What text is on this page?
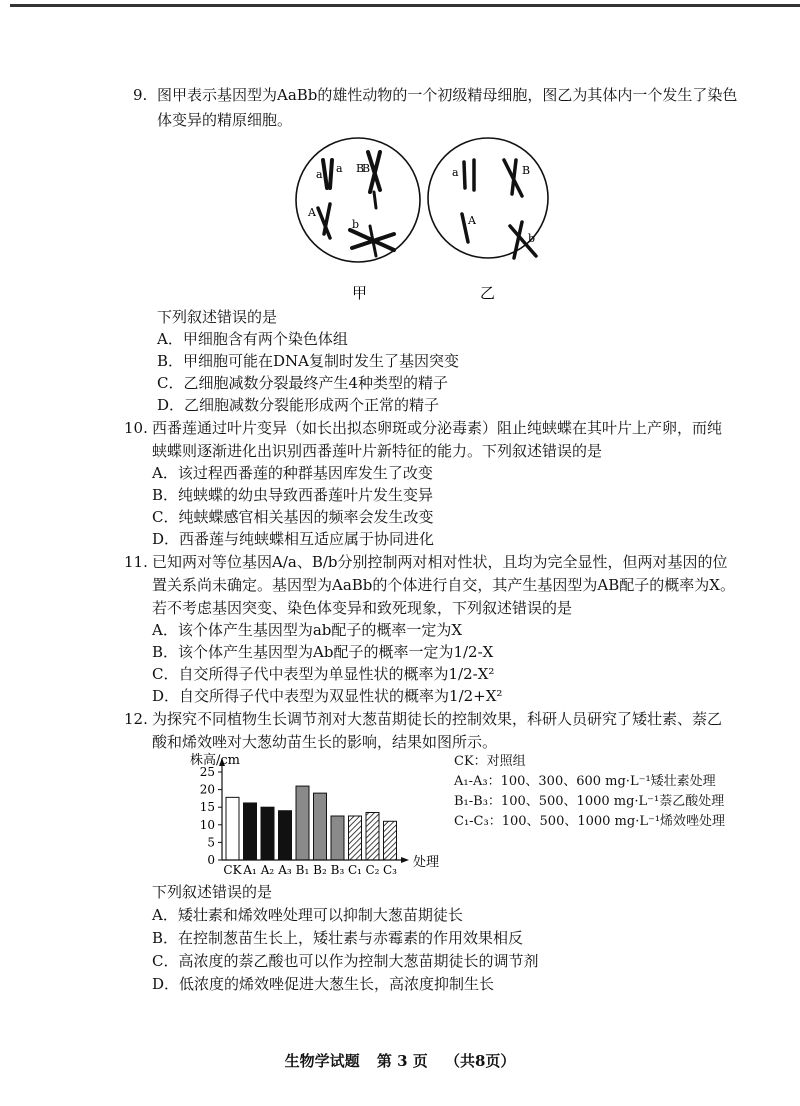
9. 图甲表示基因型为AaBb的雄性动物的一个初级精母细胞，图乙为其体内一个发生了染色
体变异的精原细胞。
a a B
B
A
b
a	B
A
b
甲	乙
下列叙述错误的是
A．甲细胞含有两个染色体组
B．甲细胞可能在DNA复制时发生了基因突变
C．乙细胞减数分裂最终产生4种类型的精子
D．乙细胞减数分裂能形成两个正常的精子
10. 西番莲通过叶片变异（如长出拟态卵斑或分泌毒素）阻止纯蛱蝶在其叶片上产卵，而纯
蛱蝶则逐渐进化出识别西番莲叶片新特征的能力。下列叙述错误的是
A．该过程西番莲的种群基因库发生了改变
B．纯蛱蝶的幼虫导致西番莲叶片发生变异
C．纯蛱蝶感官相关基因的频率会发生改变
D．西番莲与纯蛱蝶相互适应属于协同进化
11. 已知两对等位基因A/a、B/b分别控制两对相对性状，且均为完全显性，但两对基因的位
置关系尚未确定。基因型为AaBb的个体进行自交，其产生基因型为AB配子的概率为X。
若不考虑基因突变、染色体变异和致死现象，下列叙述错误的是
A．该个体产生基因型为ab配子的概率一定为X
B．该个体产生基因型为Ab配子的概率一定为1/2-X
C．自交所得子代中表型为单显性状的概率为1/2-X²
D．自交所得子代中表型为双显性状的概率为1/2+X²
12. 为探究不同植物生长调节剂对大葱苗期徒长的控制效果，科研人员研究了矮壮素、萘乙
酸和烯效唑对大葱幼苗生长的影响，结果如图所示。
CK A₁ A₂ A₃ B₁ B₂ B₃ C₁ C₂ C₃
0
5
10
15
20
25
株高/cm
处理
CK：对照组
A₁-A₃：100、300、600 mg·L⁻¹矮壮素处理
B₁-B₃：100、500、1000 mg·L⁻¹萘乙酸处理
C₁-C₃：100、500、1000 mg·L⁻¹烯效唑处理
下列叙述错误的是
A．矮壮素和烯效唑处理可以抑制大葱苗期徒长
B．在控制葱苗生长上，矮壮素与赤霉素的作用效果相反
C．高浓度的萘乙酸也可以作为控制大葱苗期徒长的调节剂
D．低浓度的烯效唑促进大葱生长，高浓度抑制生长
生物学试题 第 3 页 （共8页）
